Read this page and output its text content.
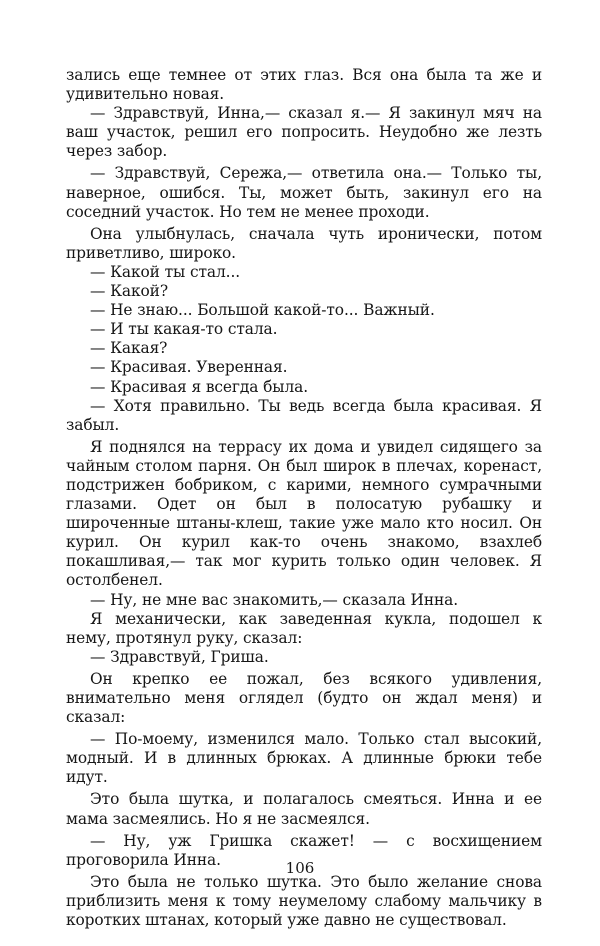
зались еще темнее от этих глаз. Вся она была та же и удивительно новая.

— Здравствуй, Инна,— сказал я.— Я закинул мяч на ваш участок, решил его попросить. Неудобно же лезть через забор.

— Здравствуй, Сережа,— ответила она.— Только ты, наверное, ошибся. Ты, может быть, закинул его на соседний участок. Но тем не менее проходи.

Она улыбнулась, сначала чуть иронически, потом приветливо, широко.

— Какой ты стал...

— Какой?

— Не знаю... Большой какой-то... Важный.

— И ты какая-то стала.

— Какая?

— Красивая. Уверенная.

— Красивая я всегда была.

— Хотя правильно. Ты ведь всегда была красивая. Я забыл.

Я поднялся на террасу их дома и увидел сидящего за чайным столом парня. Он был широк в плечах, коренаст, подстрижен бобриком, с карими, немного сумрачными глазами. Одет он был в полосатую рубашку и широченные штаны-клеш, такие уже мало кто носил. Он курил. Он курил как-то очень знакомо, взахлеб покашливая,— так мог курить только один человек. Я остолбенел.

— Ну, не мне вас знакомить,— сказала Инна.

Я механически, как заведенная кукла, подошел к нему, протянул руку, сказал:

— Здравствуй, Гриша.

Он крепко ее пожал, без всякого удивления, внимательно меня оглядел (будто он ждал меня) и сказал:

— По-моему, изменился мало. Только стал высокий, модный. И в длинных брюках. А длинные брюки тебе идут.

Это была шутка, и полагалось смеяться. Инна и ее мама засмеялись. Но я не засмеялся.

— Ну, уж Гришка скажет! — с восхищением проговорила Инна.

Это была не только шутка. Это было желание снова приблизить меня к тому неумелому слабому мальчику в коротких штанах, который уже давно не существовал.

106
